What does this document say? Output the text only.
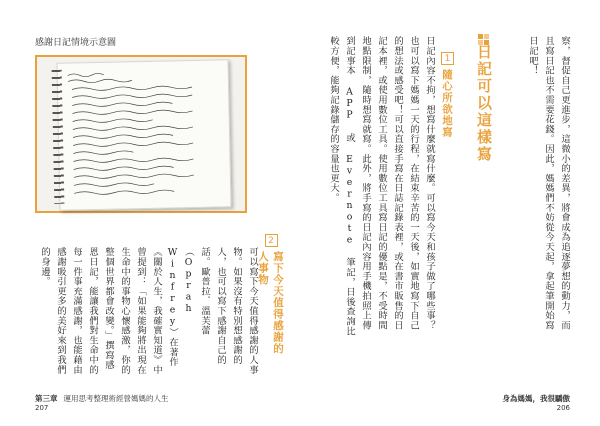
感謝日記情境示意圖
2
寫下今天值得感謝的人事物
可以寫下今天值得感謝的人事物。如果沒有特別想感謝的人，也可以寫下感謝自己的話。歐普拉．溫芙蕾（Oprah Winfrey）在著作《關於人生，我確實知道》中曾提到：「如果能夠將出現在生命中的事物心懷感激，你的整個世界都會改變。」撰寫感恩日記，能讓我們對生命中的每一件事充滿感謝，也能藉由感謝吸引更多的美好來到我們的身邊。
第三章 運用思考整理術經營媽媽的人生
207
察，督促自己更進步，這微小的差異，將會成為追逐夢想的動力，而且寫日記也不需要花錢。因此，媽媽們不妨從今天起，拿起筆開始寫日記吧！
日記可以這樣寫
1
隨心所欲地寫
日記內容不拘，想寫什麼就寫什麼。可以寫今天和孩子做了哪些事？也可以寫下媽媽一天的行程，在結束辛苦的一天後，如實地寫下自己的想法或感受吧！可以直接手寫在日誌記錄表裡，或在書市販售的日記本裡，或使用數位工具。使用數位工具寫日記的優點是，不受時間地點限制，隨時想寫就寫。此外，將手寫的日記內容用手機拍照上傳到記事本 APP 或 Evernote 筆記，日後查詢比較方便，能夠記錄儲存的容量也更大。
身為媽媽，我很驕傲
206
